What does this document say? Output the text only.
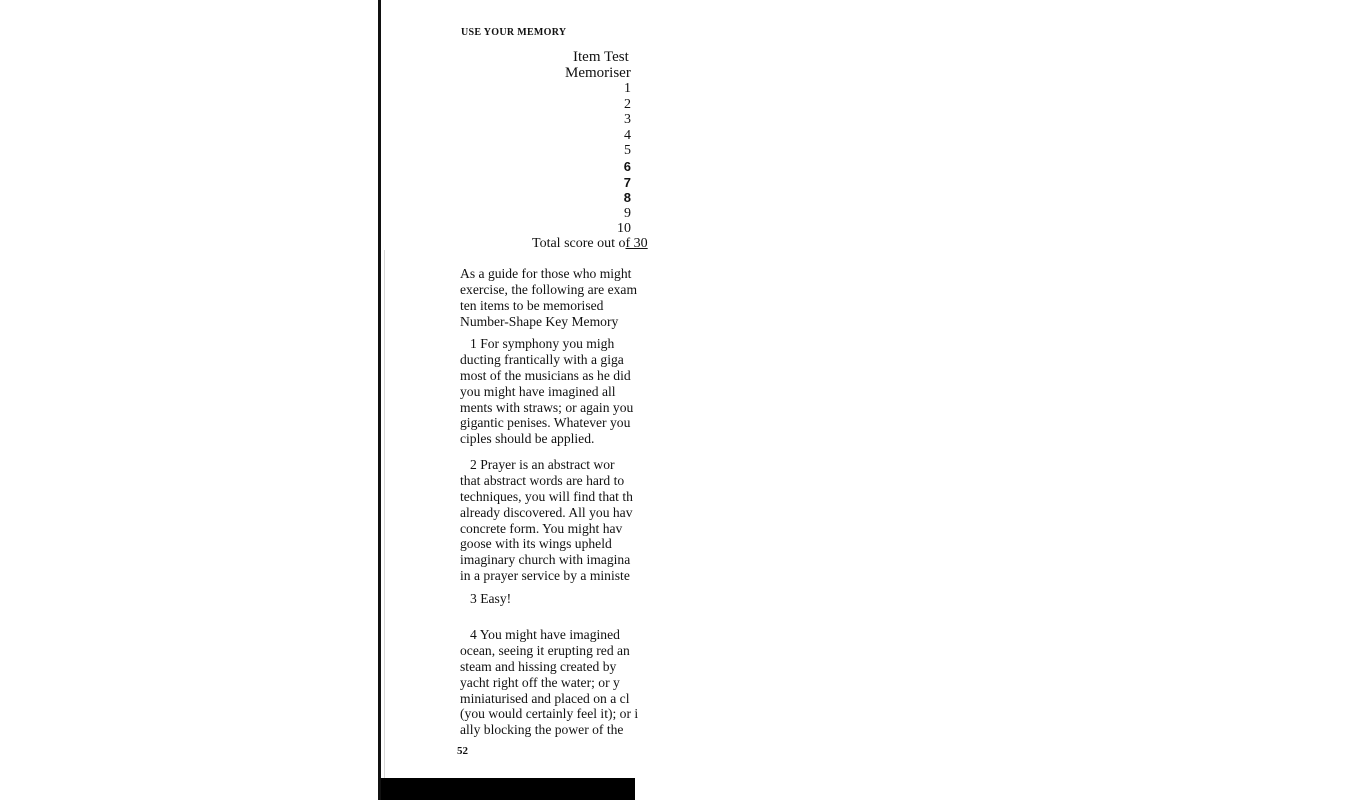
USE YOUR MEMORY
Item Test
Memoriser
1
2
3
4
5
6
7
8
9
10
Total score out of 30
As a guide for those who might
exercise, the following are exam
ten items to be memorised
Number-Shape Key Memory
1 For symphony you migh
ducting frantically with a giga
most of the musicians as he did
you might have imagined all
ments with straws; or again you
gigantic penises. Whatever you
ciples should be applied.
2 Prayer is an abstract wor
that abstract words are hard to
techniques, you will find that th
already discovered. All you hav
concrete form. You might hav
goose with its wings upheld
imaginary church with imagina
in a prayer service by a ministe
3 Easy!
4 You might have imagined
ocean, seeing it erupting red an
steam and hissing created by
yacht right off the water; or y
miniaturised and placed on a cl
(you would certainly feel it); or i
ally blocking the power of the
52
